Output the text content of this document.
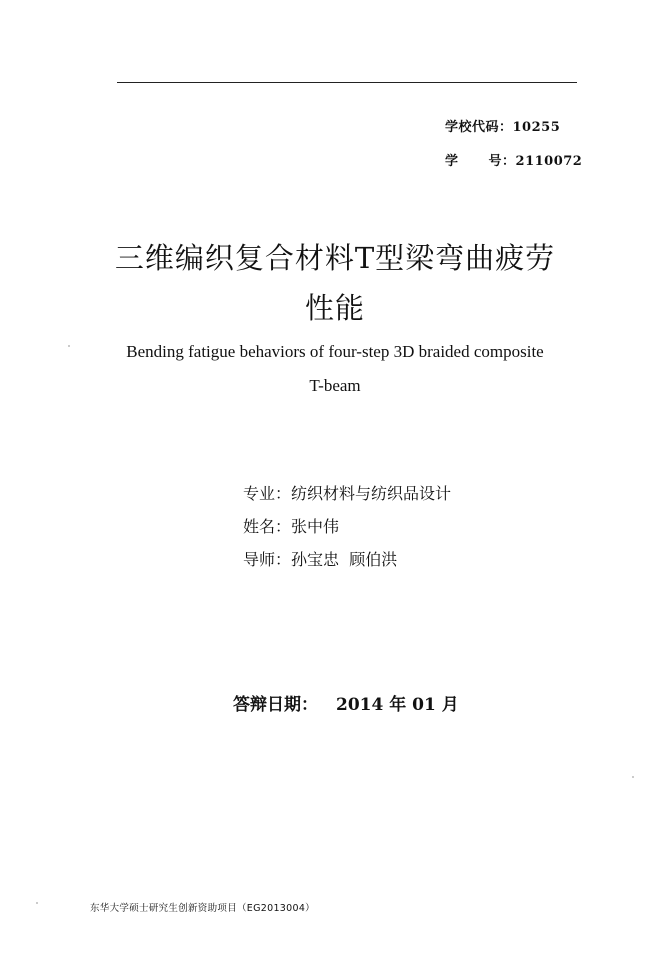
学校代码：10255
学 号：2110072
三维编织复合材料T型梁弯曲疲劳
性能
Bending fatigue behaviors of four-step 3D braided composite
T-beam
专业：纺织材料与纺织品设计
姓名：张中伟
导师：孙宝忠  顾伯洪
答辩日期： 2014 年 01 月
东华大学硕士研究生创新资助项目（EG2013004）
